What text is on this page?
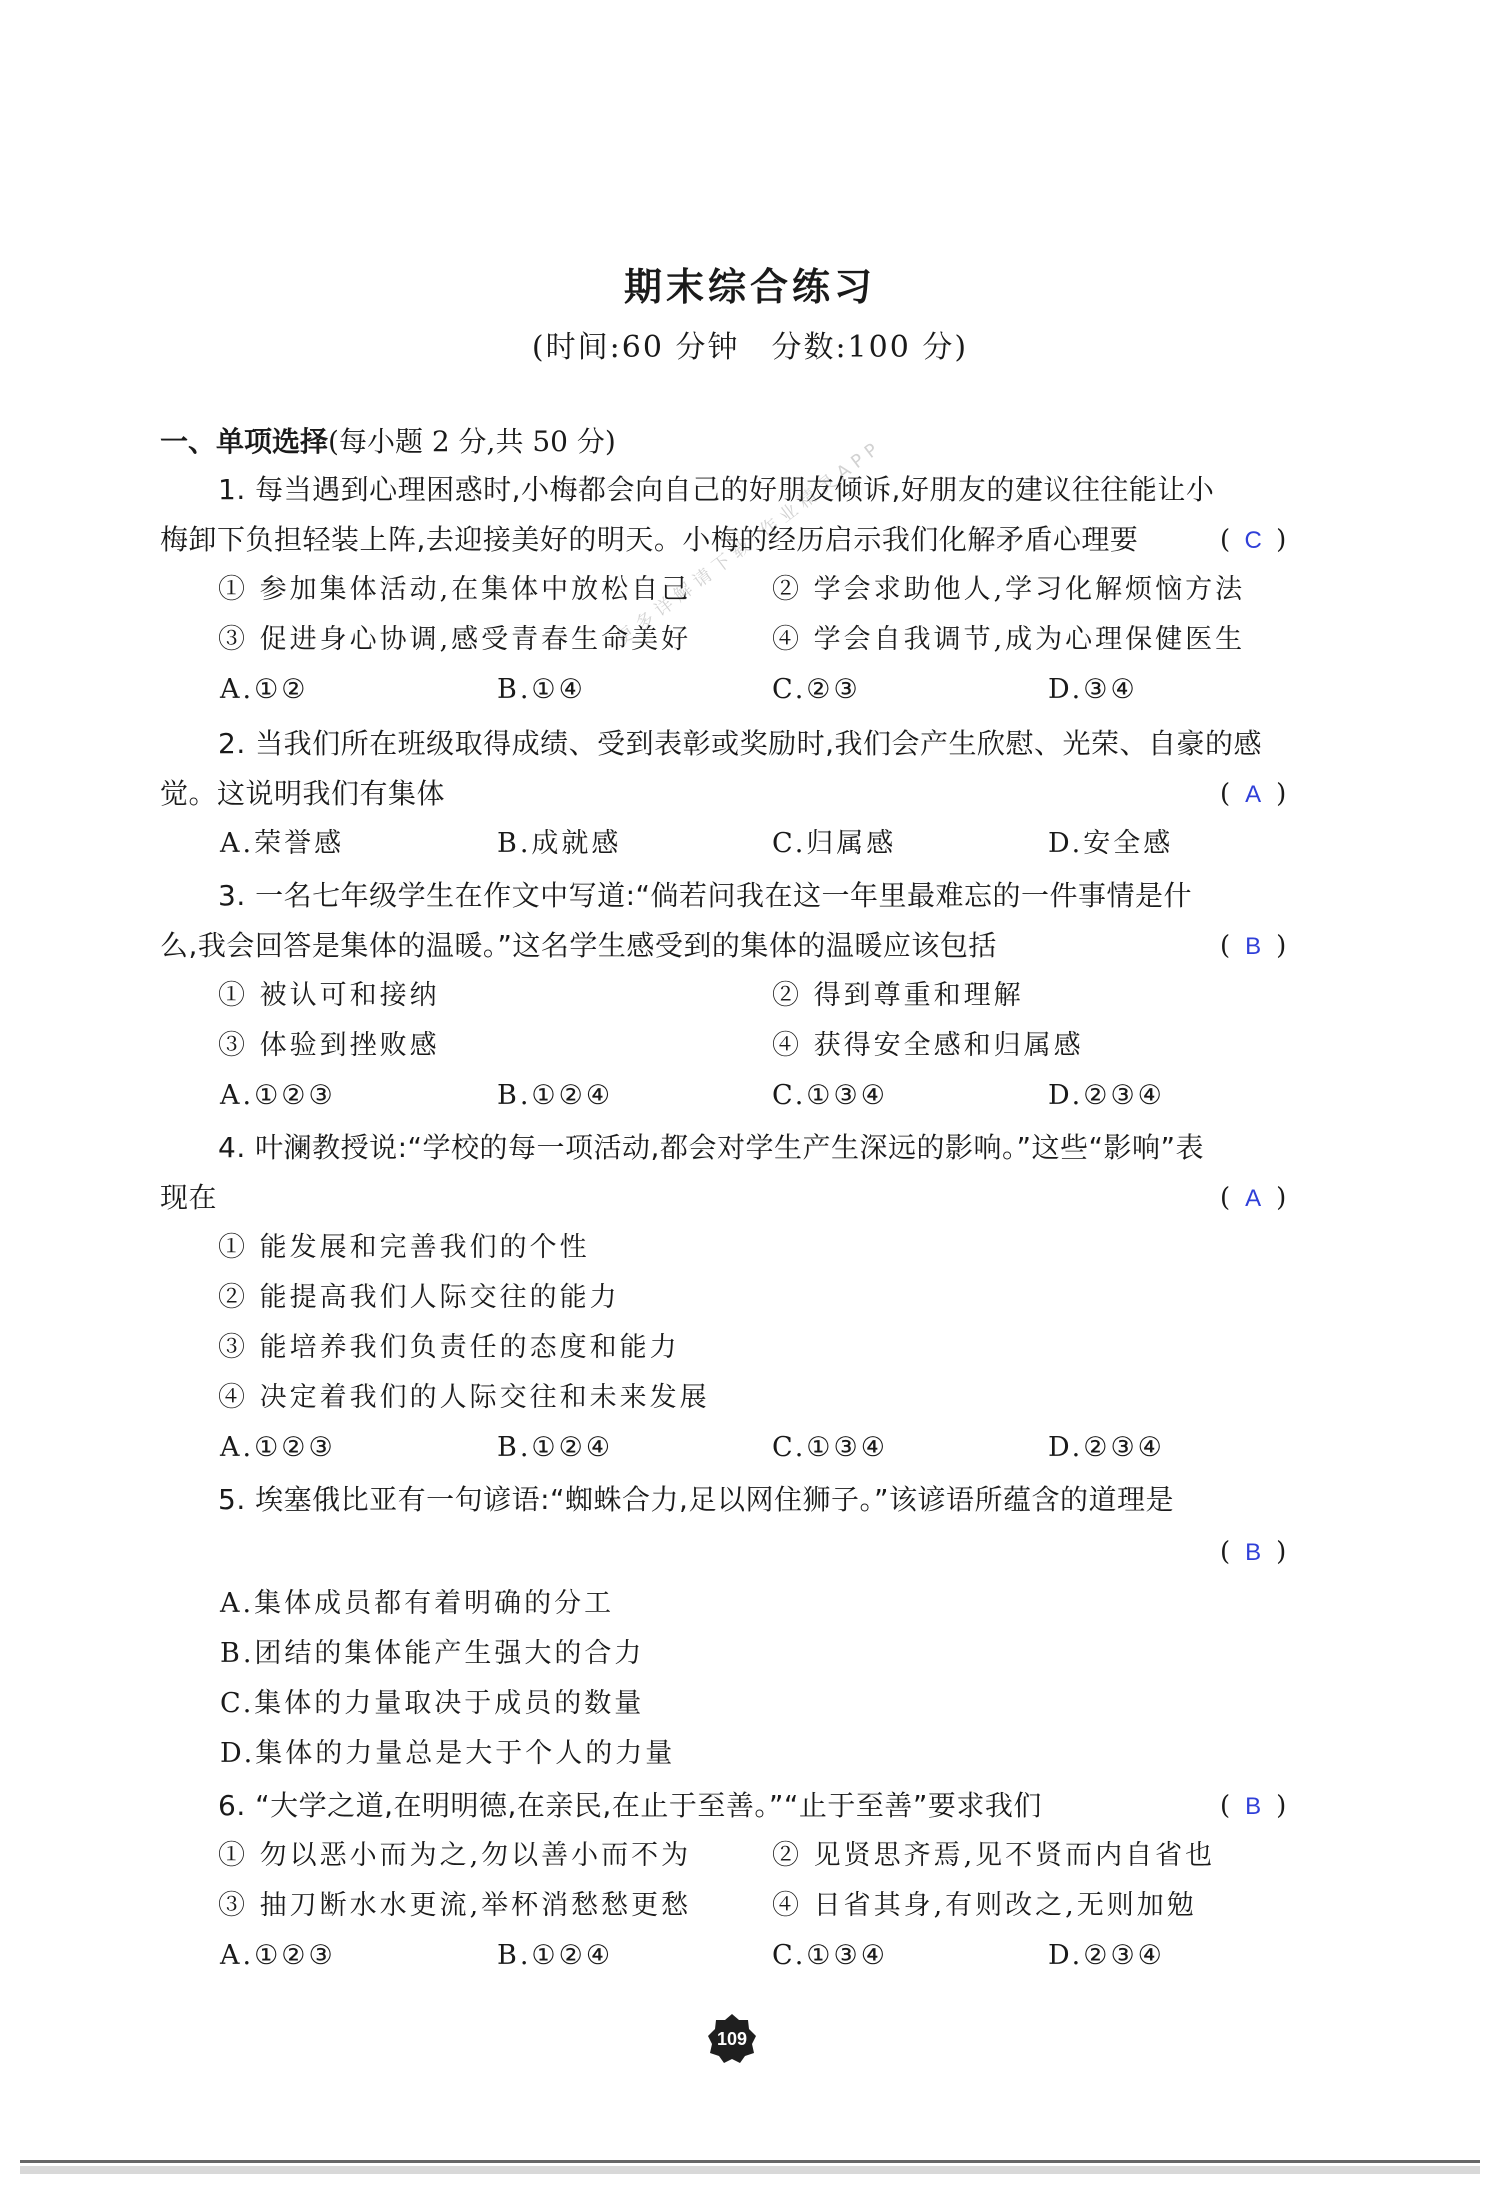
期末综合练习
(时间:60 分钟　分数:100 分)
一、单项选择(每小题 2 分,共 50 分)
更多详解请下载 作业精灵APP
1. 每当遇到心理困惑时,小梅都会向自己的好朋友倾诉,好朋友的建议往往能让小
梅卸下负担轻装上阵,去迎接美好的明天。小梅的经历启示我们化解矛盾心理要	( C )
① 参加集体活动,在集体中放松自己	② 学会求助他人,学习化解烦恼方法
③ 促进身心协调,感受青春生命美好	④ 学会自我调节,成为心理保健医生
A.①②	B.①④	C.②③	D.③④
2. 当我们所在班级取得成绩、受到表彰或奖励时,我们会产生欣慰、光荣、自豪的感
觉。这说明我们有集体	( A )
A.荣誉感	B.成就感	C.归属感	D.安全感
3. 一名七年级学生在作文中写道:“倘若问我在这一年里最难忘的一件事情是什
么,我会回答是集体的温暖。”这名学生感受到的集体的温暖应该包括	( B )
① 被认可和接纳	② 得到尊重和理解
③ 体验到挫败感	④ 获得安全感和归属感
A.①②③	B.①②④	C.①③④	D.②③④
4. 叶澜教授说:“学校的每一项活动,都会对学生产生深远的影响。”这些“影响”表
现在	( A )
① 能发展和完善我们的个性
② 能提高我们人际交往的能力
③ 能培养我们负责任的态度和能力
④ 决定着我们的人际交往和未来发展
A.①②③	B.①②④	C.①③④	D.②③④
5. 埃塞俄比亚有一句谚语:“蜘蛛合力,足以网住狮子。”该谚语所蕴含的道理是
( B )
A.集体成员都有着明确的分工
B.团结的集体能产生强大的合力
C.集体的力量取决于成员的数量
D.集体的力量总是大于个人的力量
6. “大学之道,在明明德,在亲民,在止于至善。”“止于至善”要求我们	( B )
① 勿以恶小而为之,勿以善小而不为	② 见贤思齐焉,见不贤而内自省也
③ 抽刀断水水更流,举杯消愁愁更愁	④ 日省其身,有则改之,无则加勉
A.①②③	B.①②④	C.①③④	D.②③④
109
